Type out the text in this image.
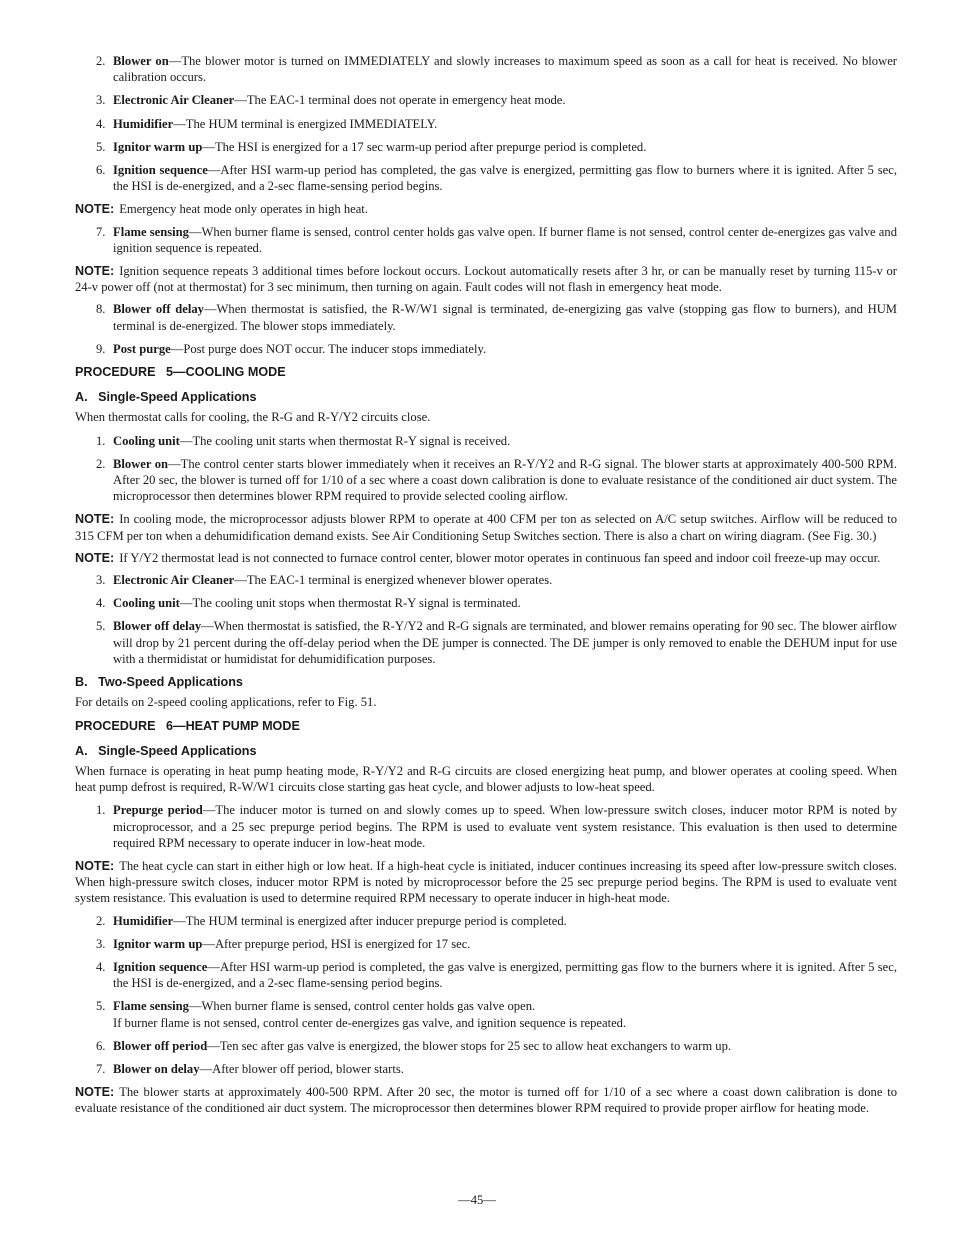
2. Blower on—The blower motor is turned on IMMEDIATELY and slowly increases to maximum speed as soon as a call for heat is received. No blower calibration occurs.
3. Electronic Air Cleaner—The EAC-1 terminal does not operate in emergency heat mode.
4. Humidifier—The HUM terminal is energized IMMEDIATELY.
5. Ignitor warm up—The HSI is energized for a 17 sec warm-up period after prepurge period is completed.
6. Ignition sequence—After HSI warm-up period has completed, the gas valve is energized, permitting gas flow to burners where it is ignited. After 5 sec, the HSI is de-energized, and a 2-sec flame-sensing period begins.
NOTE: Emergency heat mode only operates in high heat.
7. Flame sensing—When burner flame is sensed, control center holds gas valve open. If burner flame is not sensed, control center de-energizes gas valve and ignition sequence is repeated.
NOTE: Ignition sequence repeats 3 additional times before lockout occurs. Lockout automatically resets after 3 hr, or can be manually reset by turning 115-v or 24-v power off (not at thermostat) for 3 sec minimum, then turning on again. Fault codes will not flash in emergency heat mode.
8. Blower off delay—When thermostat is satisfied, the R-W/W1 signal is terminated, de-energizing gas valve (stopping gas flow to burners), and HUM terminal is de-energized. The blower stops immediately.
9. Post purge—Post purge does NOT occur. The inducer stops immediately.
PROCEDURE   5—COOLING MODE
A.   Single-Speed Applications
When thermostat calls for cooling, the R-G and R-Y/Y2 circuits close.
1. Cooling unit—The cooling unit starts when thermostat R-Y signal is received.
2. Blower on—The control center starts blower immediately when it receives an R-Y/Y2 and R-G signal. The blower starts at approximately 400-500 RPM. After 20 sec, the blower is turned off for 1/10 of a sec where a coast down calibration is done to evaluate resistance of the conditioned air duct system. The microprocessor then determines blower RPM required to provide selected cooling airflow.
NOTE: In cooling mode, the microprocessor adjusts blower RPM to operate at 400 CFM per ton as selected on A/C setup switches. Airflow will be reduced to 315 CFM per ton when a dehumidification demand exists. See Air Conditioning Setup Switches section. There is also a chart on wiring diagram. (See Fig. 30.)
NOTE: If Y/Y2 thermostat lead is not connected to furnace control center, blower motor operates in continuous fan speed and indoor coil freeze-up may occur.
3. Electronic Air Cleaner—The EAC-1 terminal is energized whenever blower operates.
4. Cooling unit—The cooling unit stops when thermostat R-Y signal is terminated.
5. Blower off delay—When thermostat is satisfied, the R-Y/Y2 and R-G signals are terminated, and blower remains operating for 90 sec. The blower airflow will drop by 21 percent during the off-delay period when the DE jumper is connected. The DE jumper is only removed to enable the DEHUM input for use with a thermidistat or humidistat for dehumidification purposes.
B.   Two-Speed Applications
For details on 2-speed cooling applications, refer to Fig. 51.
PROCEDURE   6—HEAT PUMP MODE
A.   Single-Speed Applications
When furnace is operating in heat pump heating mode, R-Y/Y2 and R-G circuits are closed energizing heat pump, and blower operates at cooling speed. When heat pump defrost is required, R-W/W1 circuits close starting gas heat cycle, and blower adjusts to low-heat speed.
1. Prepurge period—The inducer motor is turned on and slowly comes up to speed. When low-pressure switch closes, inducer motor RPM is noted by microprocessor, and a 25 sec prepurge period begins. The RPM is used to evaluate vent system resistance. This evaluation is then used to determine required RPM necessary to operate inducer in low-heat mode.
NOTE: The heat cycle can start in either high or low heat. If a high-heat cycle is initiated, inducer continues increasing its speed after low-pressure switch closes. When high-pressure switch closes, inducer motor RPM is noted by microprocessor before the 25 sec prepurge period begins. The RPM is used to evaluate vent system resistance. This evaluation is used to determine required RPM necessary to operate inducer in high-heat mode.
2. Humidifier—The HUM terminal is energized after inducer prepurge period is completed.
3. Ignitor warm up—After prepurge period, HSI is energized for 17 sec.
4. Ignition sequence—After HSI warm-up period is completed, the gas valve is energized, permitting gas flow to the burners where it is ignited. After 5 sec, the HSI is de-energized, and a 2-sec flame-sensing period begins.
5. Flame sensing—When burner flame is sensed, control center holds gas valve open.
If burner flame is not sensed, control center de-energizes gas valve, and ignition sequence is repeated.
6. Blower off period—Ten sec after gas valve is energized, the blower stops for 25 sec to allow heat exchangers to warm up.
7. Blower on delay—After blower off period, blower starts.
NOTE: The blower starts at approximately 400-500 RPM. After 20 sec, the motor is turned off for 1/10 of a sec where a coast down calibration is done to evaluate resistance of the conditioned air duct system. The microprocessor then determines blower RPM required to provide proper airflow for heating mode.
—45—
